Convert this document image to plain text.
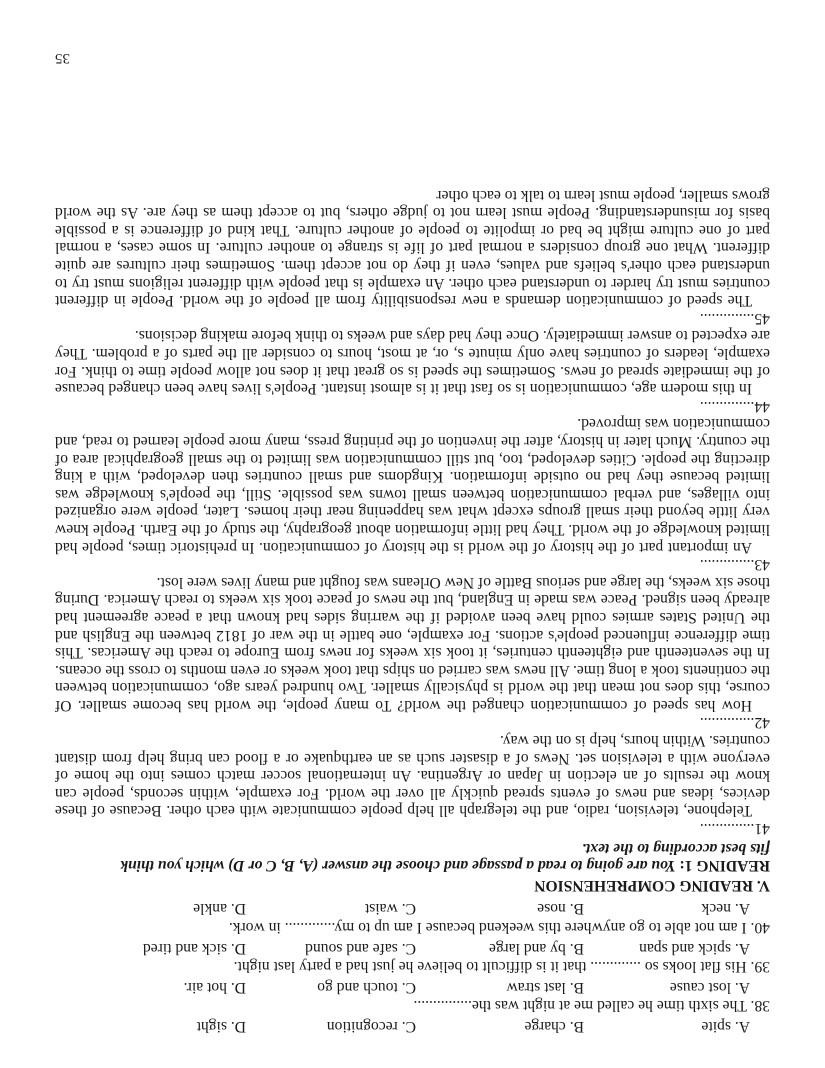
A. spite
B. charge
C. recognition
D. sight

38. The sixth time he called me at night was the...............

A. lost cause
B. last straw
C. touch and go
D. hot air.

39. His flat looks so ............. that it is difficult to believe he just had a party last night.

A. spick and span
B. by and large
C. safe and sound
D. sick and tired

40. I am not able to go anywhere this weekend because I am up to my............. in work.

A. neck
B. nose
C. waist
D. ankle

V. READING COMPREHENSION

READING 1: You are going to read a passage and choose the answer (A, B, C or D) which you think

fits best according to the text.

41..............

Telephone, television, radio, and the telegraph all help people communicate with each other. Because of these devices, ideas and news of events spread quickly all over the world. For example, within seconds, people can know the results of an election in Japan or Argentina. An international soccer match comes into the home of everyone with a television set. News of a disaster such as an earthquake or a flood can bring help from distant countries. Within hours, help is on the way.

42..............

How has speed of communication changed the world? To many people, the world has become smaller. Of course, this does not mean that the world is physically smaller. Two hundred years ago, communication between the continents took a long time. All news was carried on ships that took weeks or even months to cross the oceans. In the seventeenth and eighteenth centuries, it took six weeks for news from Europe to reach the Americas. This time difference influenced people's actions. For example, one battle in the war of 1812 between the English and the United States armies could have been avoided if the warring sides had known that a peace agreement had already been signed. Peace was made in England, but the news of peace took six weeks to reach America. During those six weeks, the large and serious Battle of New Orleans was fought and many lives were lost.

43..............

An important part of the history of the world is the history of communication. In prehistoric times, people had limited knowledge of the world. They had little information about geography, the study of the Earth. People knew very little beyond their small groups except what was happening near their homes. Later, people were organized into villages, and verbal communication between small towns was possible. Still, the people's knowledge was limited because they had no outside information. Kingdoms and small countries then developed, with a king directing the people. Cities developed, too, but still communication was limited to the small geographical area of the country. Much later in history, after the invention of the printing press, many more people learned to read, and communication was improved.

44..............

In this modern age, communication is so fast that it is almost instant. People's lives have been changed because of the immediate spread of news. Sometimes the speed is so great that it does not allow people time to think. For example, leaders of countries have only minute s, or, at most, hours to consider all the parts of a problem. They are expected to answer immediately. Once they had days and weeks to think before making decisions.

45..............

The speed of communication demands a new responsibility from all people of the world. People in different countries must try harder to understand each other. An example is that people with different religions must try to understand each other's beliefs and values, even if they do not accept them. Sometimes their cultures are quite different. What one group considers a normal part of life is strange to another culture. In some cases, a normal part of one culture might be bad or impolite to people of another culture. That kind of difference is a possible basis for misunderstanding. People must learn not to judge others, but to accept them as they are. As the world grows smaller, people must learn to talk to each other

35
